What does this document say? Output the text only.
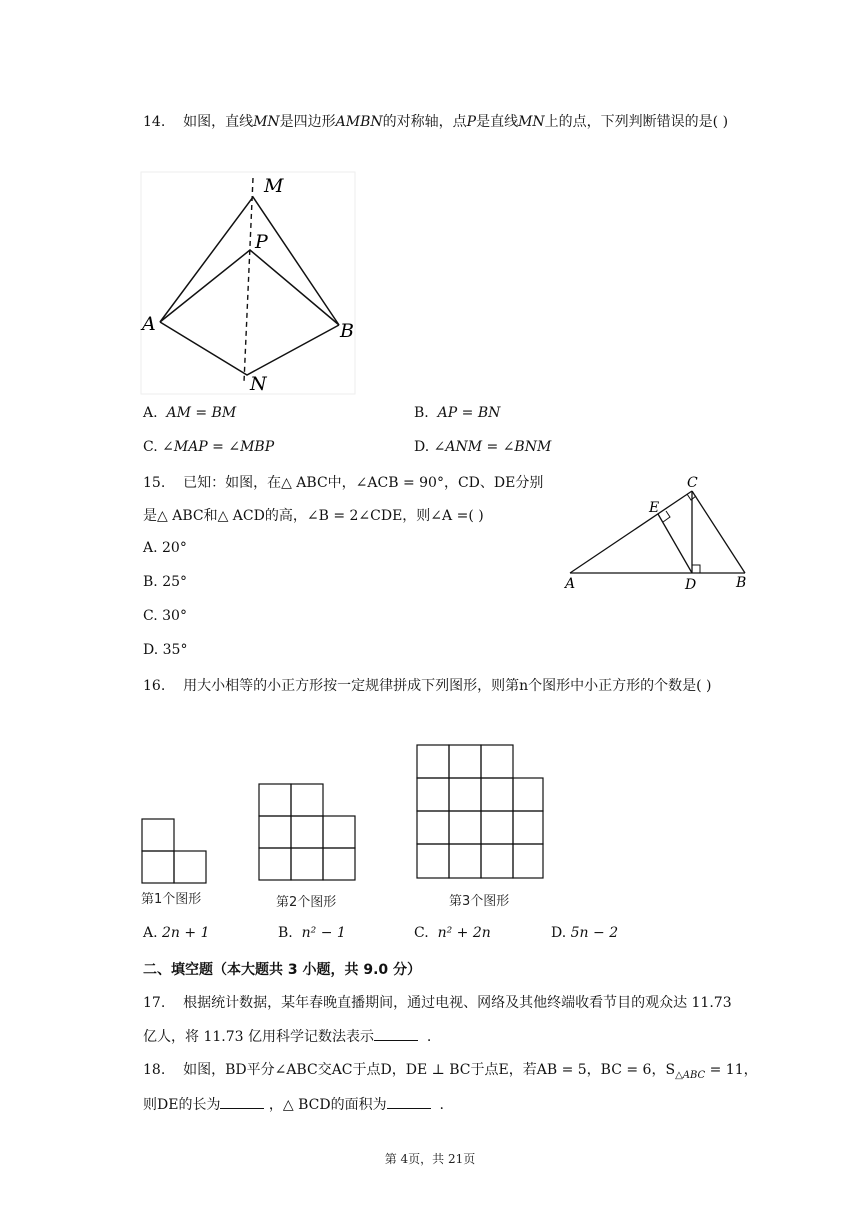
14. 如图，直线MN是四边形AMBN的对称轴，点P是直线MN上的点，下列判断错误的是( )
M
P
A	B
N
A. AM = BM	B. AP = BN
C. ∠MAP = ∠MBP	D. ∠ANM = ∠BNM
15. 已知：如图，在△ ABC中，∠ACB = 90°，CD、DE分别
是△ ABC和△ ACD的高，∠B = 2∠CDE，则∠A =( )
A. 20°
B. 25°
C. 30°
D. 35°
A	B
C
D
E
16. 用大小相等的小正方形按一定规律拼成下列图形，则第n个图形中小正方形的个数是( )
第1个图形	第2个图形	第3个图形
A. 2n + 1	B. n² − 1	C. n² + 2n	D. 5n − 2
二、填空题（本大题共 3 小题，共 9.0 分）
17. 根据统计数据，某年春晚直播期间，通过电视、网络及其他终端收看节目的观众达 11.73
亿人，将 11.73 亿用科学记数法表示	.
18. 如图，BD平分∠ABC交AC于点D，DE ⊥ BC于点E，若AB = 5，BC = 6，$S_{\triangle ABC} = 11$，
则DE的长为	，△ BCD的面积为	.
第 4页，共 21页
